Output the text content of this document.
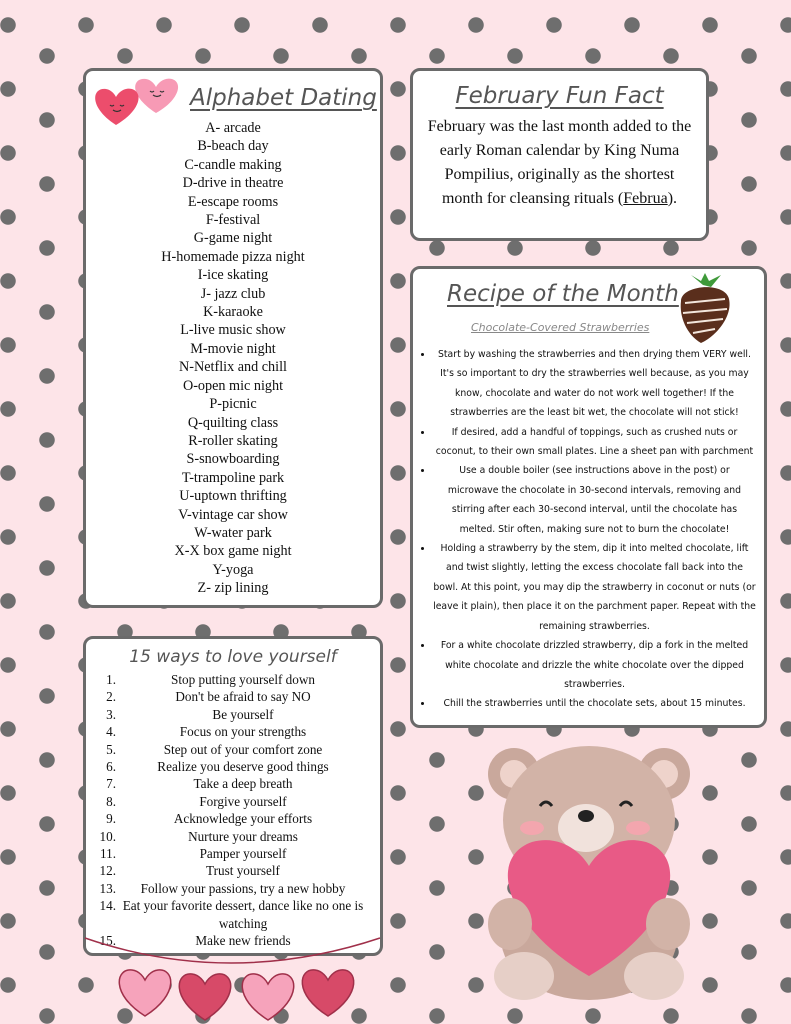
Alphabet Dating
A- arcade
B-beach day
C-candle making
D-drive in theatre
E-escape rooms
F-festival
G-game night
H-homemade pizza night
I-ice skating
J- jazz club
K-karaoke
L-live music show
M-movie night
N-Netflix and chill
O-open mic night
P-picnic
Q-quilting class
R-roller skating
S-snowboarding
T-trampoline park
U-uptown thrifting
V-vintage car show
W-water park
X-X box game night
Y-yoga
Z- zip lining
February Fun Fact

February was the last month added to the early Roman calendar by King Numa Pompilius, originally as the shortest month for cleansing rituals (Februa).

Recipe of the Month
Chocolate-Covered Strawberries
• Start by washing the strawberries and then drying them VERY well. It's so important to dry the strawberries well because, as you may know, chocolate and water do not work well together! If the strawberries are the least bit wet, the chocolate will not stick!
• If desired, add a handful of toppings, such as crushed nuts or coconut, to their own small plates. Line a sheet pan with parchment
• Use a double boiler (see instructions above in the post) or microwave the chocolate in 30-second intervals, removing and stirring after each 30-second interval, until the chocolate has melted. Stir often, making sure not to burn the chocolate!
• Holding a strawberry by the stem, dip it into melted chocolate, lift and twist slightly, letting the excess chocolate fall back into the bowl. At this point, you may dip the strawberry in coconut or nuts (or leave it plain), then place it on the parchment paper. Repeat with the remaining strawberries.
• For a white chocolate drizzled strawberry, dip a fork in the melted white chocolate and drizzle the white chocolate over the dipped strawberries.
• Chill the strawberries until the chocolate sets, about 15 minutes.
15 ways to love yourself
1.	Stop putting yourself down
2.	Don't be afraid to say NO
3.	Be yourself
4.	Focus on your strengths
5.	Step out of your comfort zone
6.	Realize you deserve good things
7.	Take a deep breath
8.	Forgive yourself
9.	Acknowledge your efforts
10.	Nurture your dreams
11.	Pamper yourself
12.	Trust yourself
13.	Follow your passions, try a new hobby
14. Eat your favorite dessert, dance like no one is watching
15.	Make new friends
